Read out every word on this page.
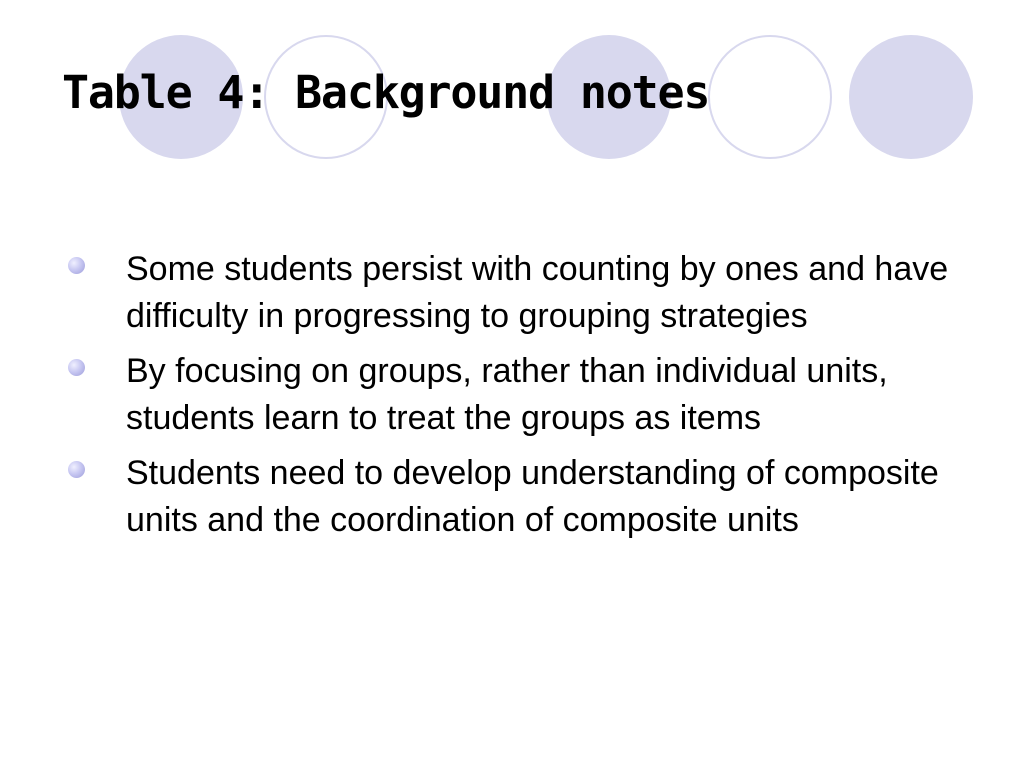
Table 4: Background notes
Some students persist with counting by ones and have difficulty in progressing to grouping strategies
By focusing on groups, rather than individual units, students learn to treat the groups as items
Students need to develop understanding of composite units and the coordination of composite units
